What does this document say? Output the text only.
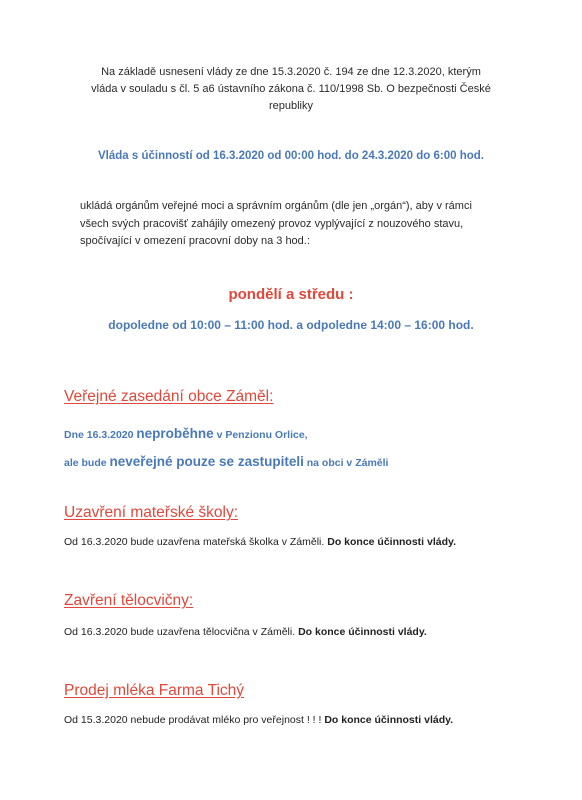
Na základě usnesení vlády ze dne 15.3.2020 č. 194 ze dne 12.3.2020, kterým
vláda v souladu s čl. 5 a6 ústavního zákona č. 110/1998 Sb. O bezpečnosti České
republiky
Vláda s účinností od 16.3.2020 od 00:00 hod. do 24.3.2020 do 6:00 hod.
ukládá orgánům veřejné moci a správním orgánům (dle jen „orgán“), aby v rámci
všech svých pracovišť zahájily omezený provoz vyplývající z nouzového stavu,
spočívající v omezení pracovní doby na 3 hod.:
pondělí a středu :
dopoledne od 10:00 – 11:00 hod. a odpoledne 14:00 – 16:00 hod.
Veřejné zasedání obce Záměl:
Dne 16.3.2020 neproběhne v Penzionu Orlice,
ale bude neveřejné pouze se zastupiteli na obci v Záměli
Uzavření mateřské školy:
Od 16.3.2020 bude uzavřena mateřská školka v Záměli. Do konce účinnosti vlády.
Zavření tělocvičny:
Od 16.3.2020 bude uzavřena tělocvična v Záměli. Do konce účinnosti vlády.
Prodej mléka Farma Tichý
Od 15.3.2020 nebude prodávat mléko pro veřejnost ! ! ! Do konce účinnosti vlády.
